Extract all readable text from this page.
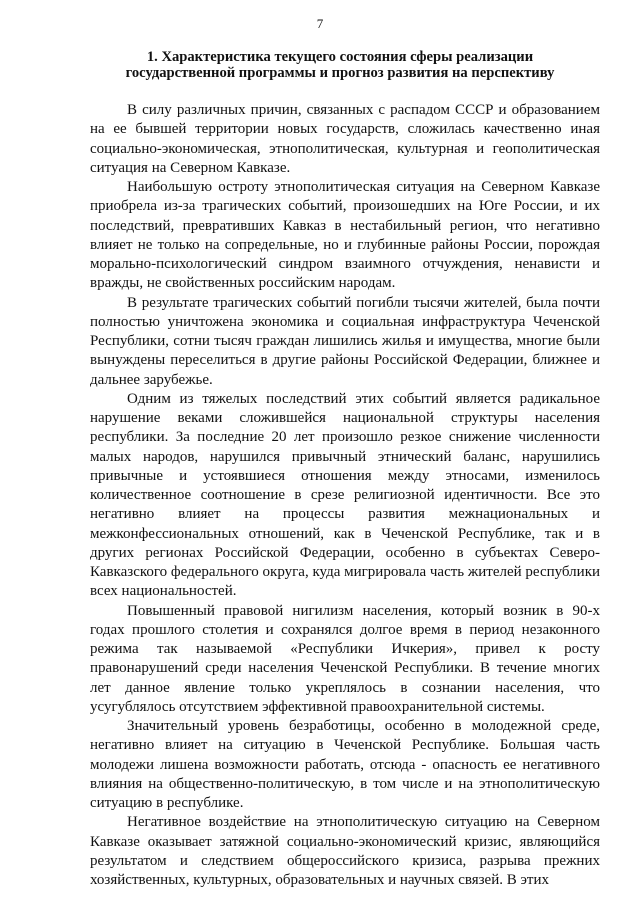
7
1. Характеристика текущего состояния сферы реализации
государственной программы и прогноз развития на перспективу

В силу различных причин, связанных с распадом СССР и образованием на ее бывшей территории новых государств, сложилась качественно иная социально-экономическая, этнополитическая, культурная и геополитическая ситуация на Северном Кавказе.

Наибольшую остроту этнополитическая ситуация на Северном Кавказе приобрела из-за трагических событий, произошедших на Юге России, и их последствий, превративших Кавказ в нестабильный регион, что негативно влияет не только на сопредельные, но и глубинные районы России, порождая морально-психологический синдром взаимного отчуждения, ненависти и вражды, не свойственных российским народам.

В результате трагических событий погибли тысячи жителей, была почти полностью уничтожена экономика и социальная инфраструктура Чеченской Республики, сотни тысяч граждан лишились жилья и имущества, многие были вынуждены переселиться в другие районы Российской Федерации, ближнее и дальнее зарубежье.

Одним из тяжелых последствий этих событий является радикальное нарушение веками сложившейся национальной структуры населения республики. За последние 20 лет произошло резкое снижение численности малых народов, нарушился привычный этнический баланс, нарушились привычные и устоявшиеся отношения между этносами, изменилось количественное соотношение в срезе религиозной идентичности. Все это негативно влияет на процессы развития межнациональных и межконфессиональных отношений, как в Чеченской Республике, так и в других регионах Российской Федерации, особенно в субъектах Северо-Кавказского федерального округа, куда мигрировала часть жителей республики всех национальностей.

Повышенный правовой нигилизм населения, который возник в 90-х годах прошлого столетия и сохранялся долгое время в период незаконного режима так называемой «Республики Ичкерия», привел к росту правонарушений среди населения Чеченской Республики. В течение многих лет данное явление только укреплялось в сознании населения, что усугублялось отсутствием эффективной правоохранительной системы.

Значительный уровень безработицы, особенно в молодежной среде, негативно влияет на ситуацию в Чеченской Республике. Большая часть молодежи лишена возможности работать, отсюда - опасность ее негативного влияния на общественно-политическую, в том числе и на этнополитическую ситуацию в республике.

Негативное воздействие на этнополитическую ситуацию на Северном Кавказе оказывает затяжной социально-экономический кризис, являющийся результатом и следствием общероссийского кризиса, разрыва прежних хозяйственных, культурных, образовательных и научных связей. В этих
